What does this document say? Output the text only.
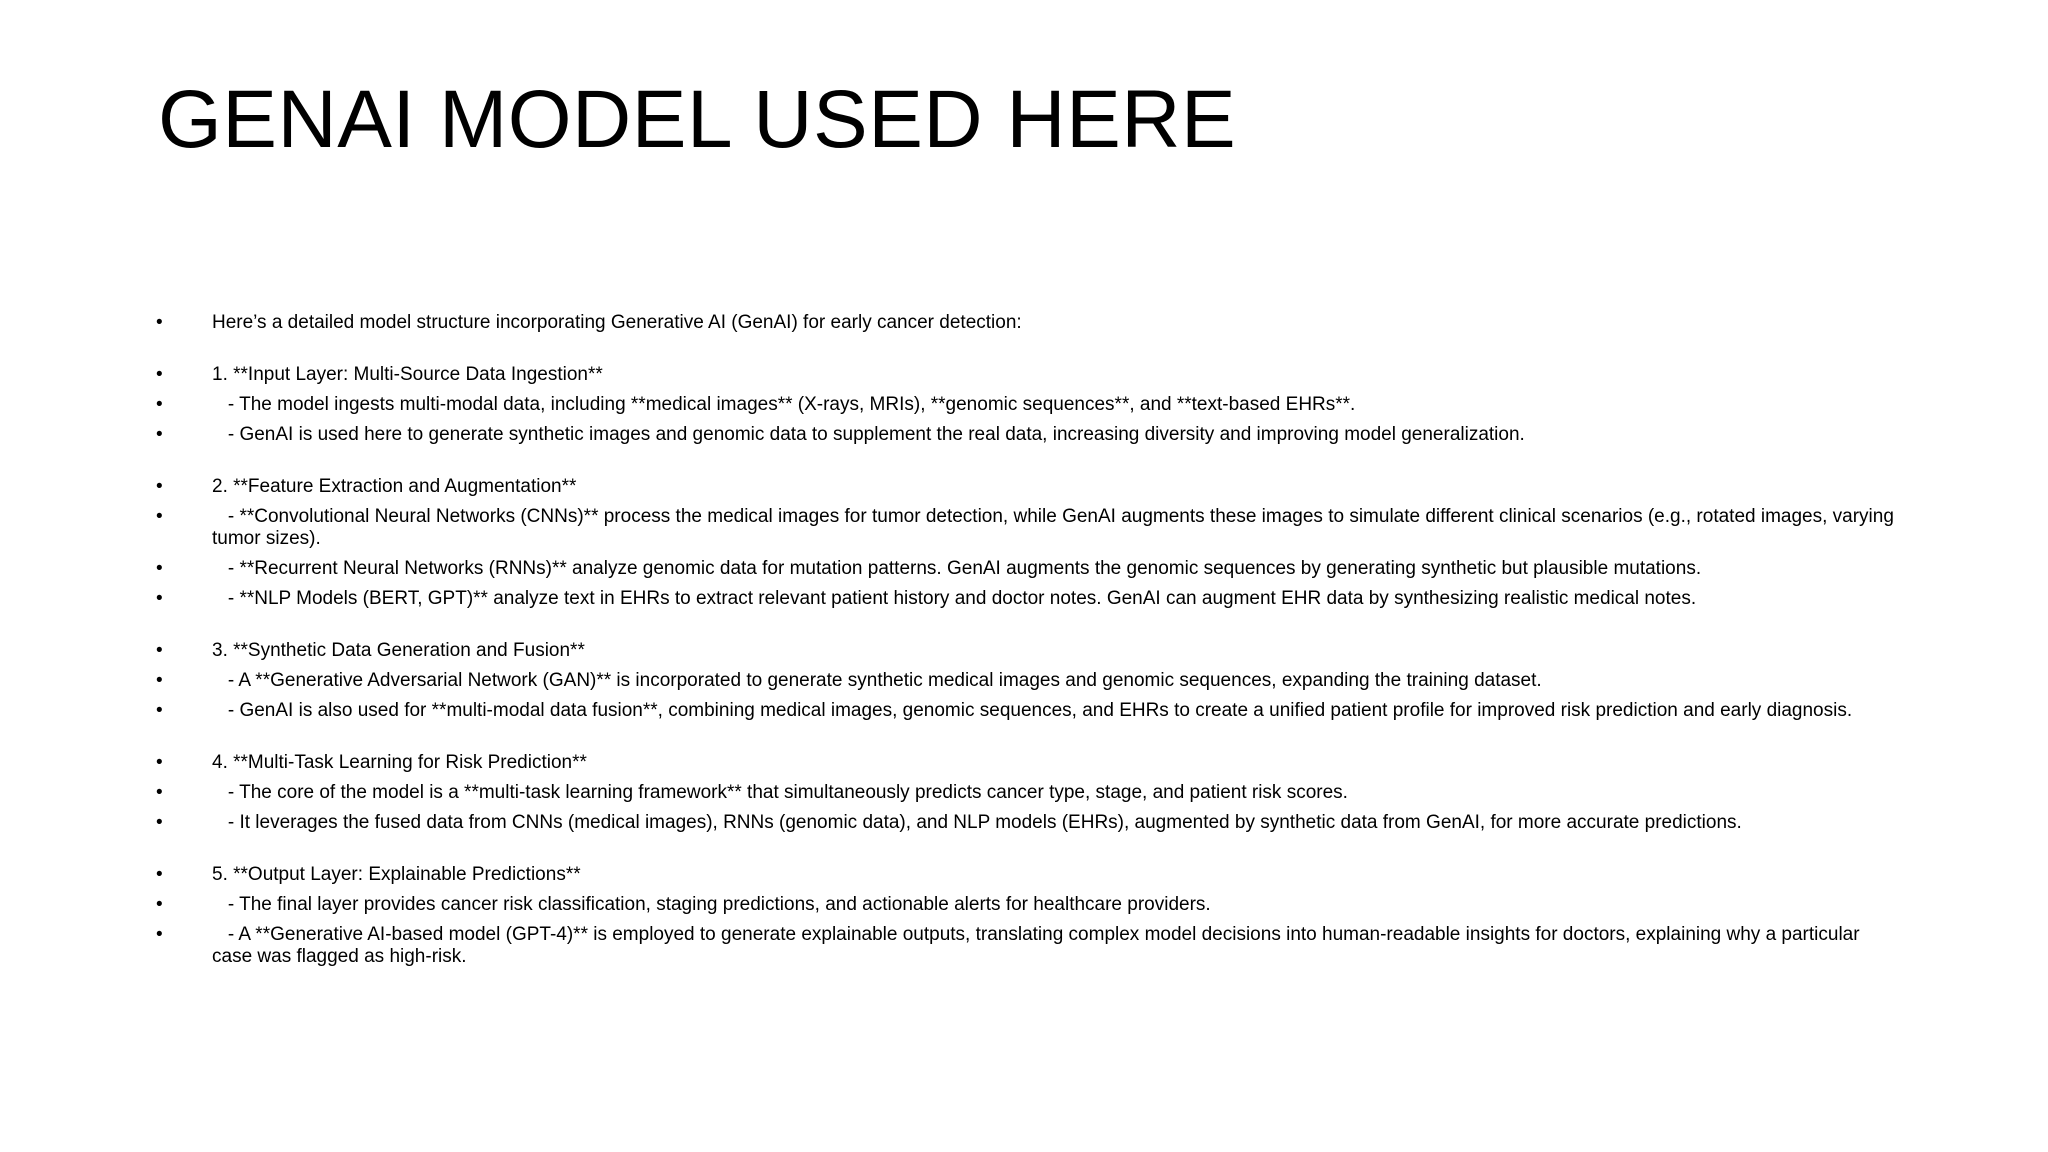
GENAI MODEL USED HERE
•	Here’s a detailed model structure incorporating Generative AI (GenAI) for early cancer detection:
•	1. **Input Layer: Multi-Source Data Ingestion**
•	- The model ingests multi-modal data, including **medical images** (X-rays, MRIs), **genomic sequences**, and **text-based EHRs**.
•	- GenAI is used here to generate synthetic images and genomic data to supplement the real data, increasing diversity and improving model generalization.
•	2. **Feature Extraction and Augmentation**
•	- **Convolutional Neural Networks (CNNs)** process the medical images for tumor detection, while GenAI augments these images to simulate different clinical scenarios (e.g., rotated images, varying tumor sizes).
•	- **Recurrent Neural Networks (RNNs)** analyze genomic data for mutation patterns. GenAI augments the genomic sequences by generating synthetic but plausible mutations.
•	- **NLP Models (BERT, GPT)** analyze text in EHRs to extract relevant patient history and doctor notes. GenAI can augment EHR data by synthesizing realistic medical notes.
•	3. **Synthetic Data Generation and Fusion**
•	- A **Generative Adversarial Network (GAN)** is incorporated to generate synthetic medical images and genomic sequences, expanding the training dataset.
•	- GenAI is also used for **multi-modal data fusion**, combining medical images, genomic sequences, and EHRs to create a unified patient profile for improved risk prediction and early diagnosis.
•	4. **Multi-Task Learning for Risk Prediction**
•	- The core of the model is a **multi-task learning framework** that simultaneously predicts cancer type, stage, and patient risk scores.
•	- It leverages the fused data from CNNs (medical images), RNNs (genomic data), and NLP models (EHRs), augmented by synthetic data from GenAI, for more accurate predictions.
•	5. **Output Layer: Explainable Predictions**
•	- The final layer provides cancer risk classification, staging predictions, and actionable alerts for healthcare providers.
•	- A **Generative AI-based model (GPT-4)** is employed to generate explainable outputs, translating complex model decisions into human-readable insights for doctors, explaining why a particular case was flagged as high-risk.
